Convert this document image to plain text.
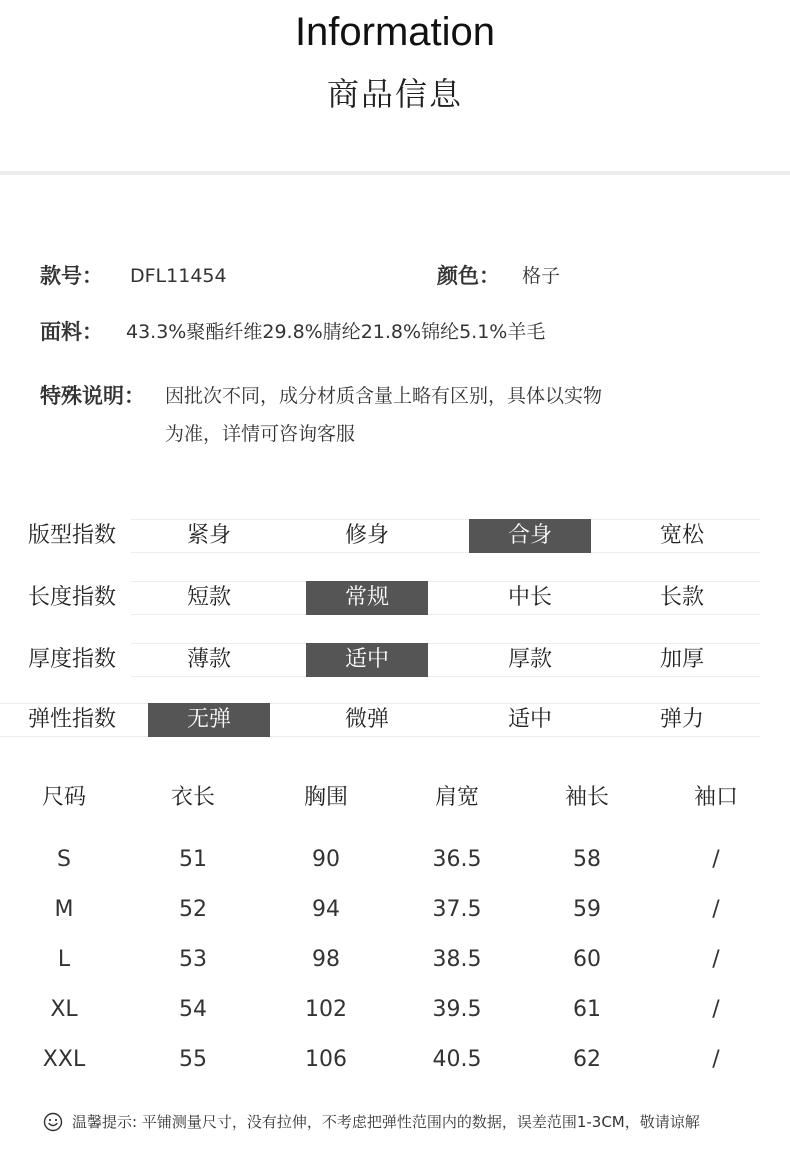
Information
商品信息
款号： DFL11454	颜色： 格子
面料： 43.3%聚酯纤维29.8%腈纶21.8%锦纶5.1%羊毛
特殊说明： 因批次不同，成分材质含量上略有区别，具体以实物
为准，详情可咨询客服
版型指数	紧身	修身	合身	宽松
长度指数	短款	常规	中长	长款
厚度指数	薄款	适中	厚款	加厚
弹性指数	无弹	微弹	适中	弹力
尺码	衣长	胸围	肩宽	袖长	袖口
S	51	90	36.5	58	/
M	52	94	37.5	59	/
L	53	98	38.5	60	/
XL	54	102	39.5	61	/
XXL	55	106	40.5	62	/
温馨提示: 平铺测量尺寸，没有拉伸，不考虑把弹性范围内的数据，误差范围1-3CM，敬请谅解
